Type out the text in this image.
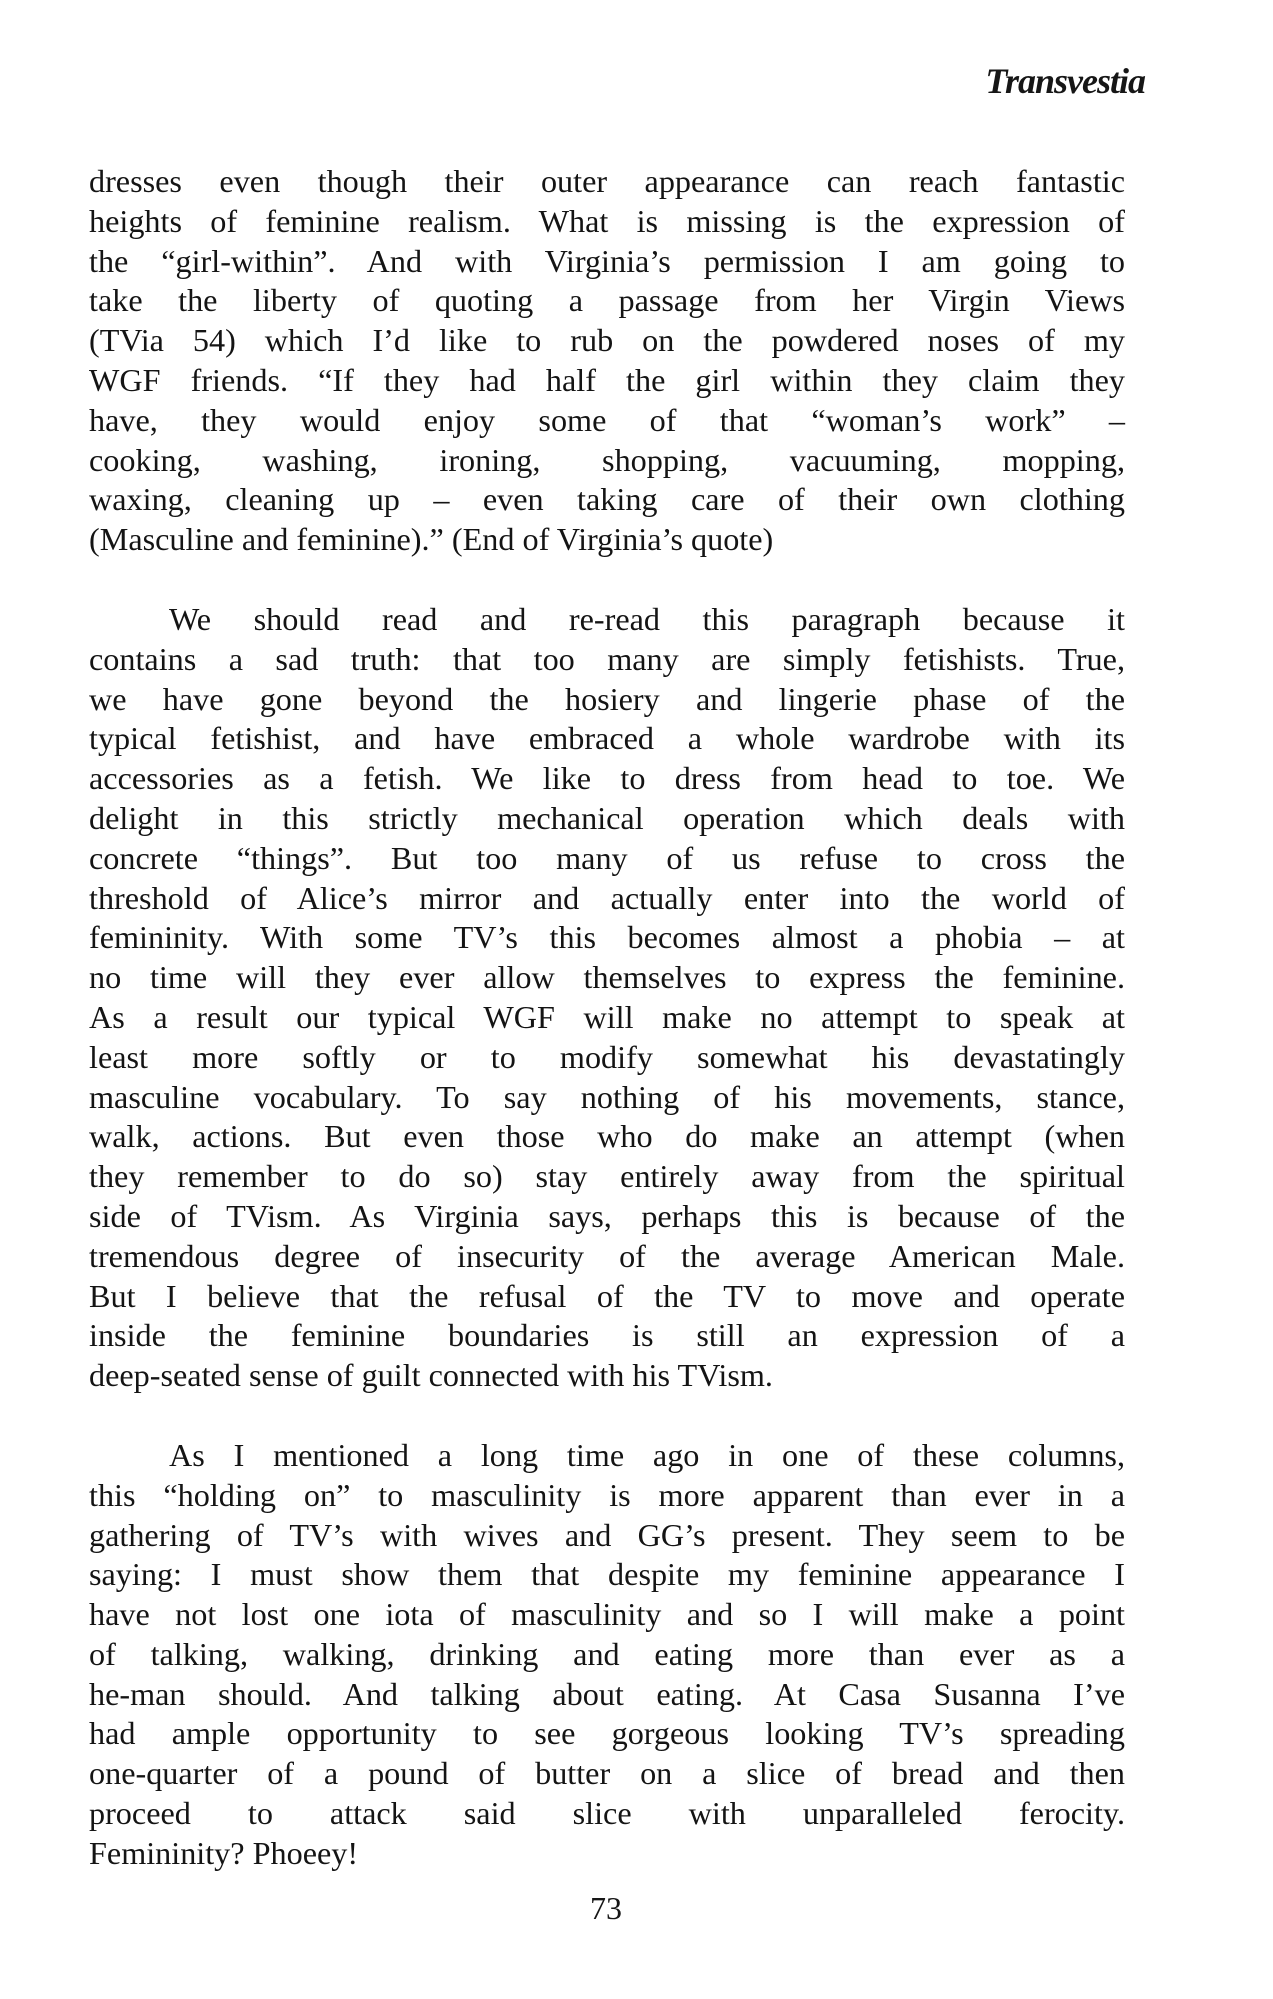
Transvestia
dresses even though their outer appearance can reach fantastic
heights of feminine realism. What is missing is the expression of
the “girl-within”. And with Virginia’s permission I am going to
take the liberty of quoting a passage from her Virgin Views
(TVia 54) which I’d like to rub on the powdered noses of my
WGF friends. “If they had half the girl within they claim they
have, they would enjoy some of that “woman’s work” –
cooking, washing, ironing, shopping, vacuuming, mopping,
waxing, cleaning up – even taking care of their own clothing
(Masculine and feminine).” (End of Virginia’s quote)
We should read and re-read this paragraph because it
contains a sad truth: that too many are simply fetishists. True,
we have gone beyond the hosiery and lingerie phase of the
typical fetishist, and have embraced a whole wardrobe with its
accessories as a fetish. We like to dress from head to toe. We
delight in this strictly mechanical operation which deals with
concrete “things”. But too many of us refuse to cross the
threshold of Alice’s mirror and actually enter into the world of
femininity. With some TV’s this becomes almost a phobia – at
no time will they ever allow themselves to express the feminine.
As a result our typical WGF will make no attempt to speak at
least more softly or to modify somewhat his devastatingly
masculine vocabulary. To say nothing of his movements, stance,
walk, actions. But even those who do make an attempt (when
they remember to do so) stay entirely away from the spiritual
side of TVism. As Virginia says, perhaps this is because of the
tremendous degree of insecurity of the average American Male.
But I believe that the refusal of the TV to move and operate
inside the feminine boundaries is still an expression of a
deep-seated sense of guilt connected with his TVism.
As I mentioned a long time ago in one of these columns,
this “holding on” to masculinity is more apparent than ever in a
gathering of TV’s with wives and GG’s present. They seem to be
saying: I must show them that despite my feminine appearance I
have not lost one iota of masculinity and so I will make a point
of talking, walking, drinking and eating more than ever as a
he-man should. And talking about eating. At Casa Susanna I’ve
had ample opportunity to see gorgeous looking TV’s spreading
one-quarter of a pound of butter on a slice of bread and then
proceed to attack said slice with unparalleled ferocity.
Femininity? Phoeey!
73
